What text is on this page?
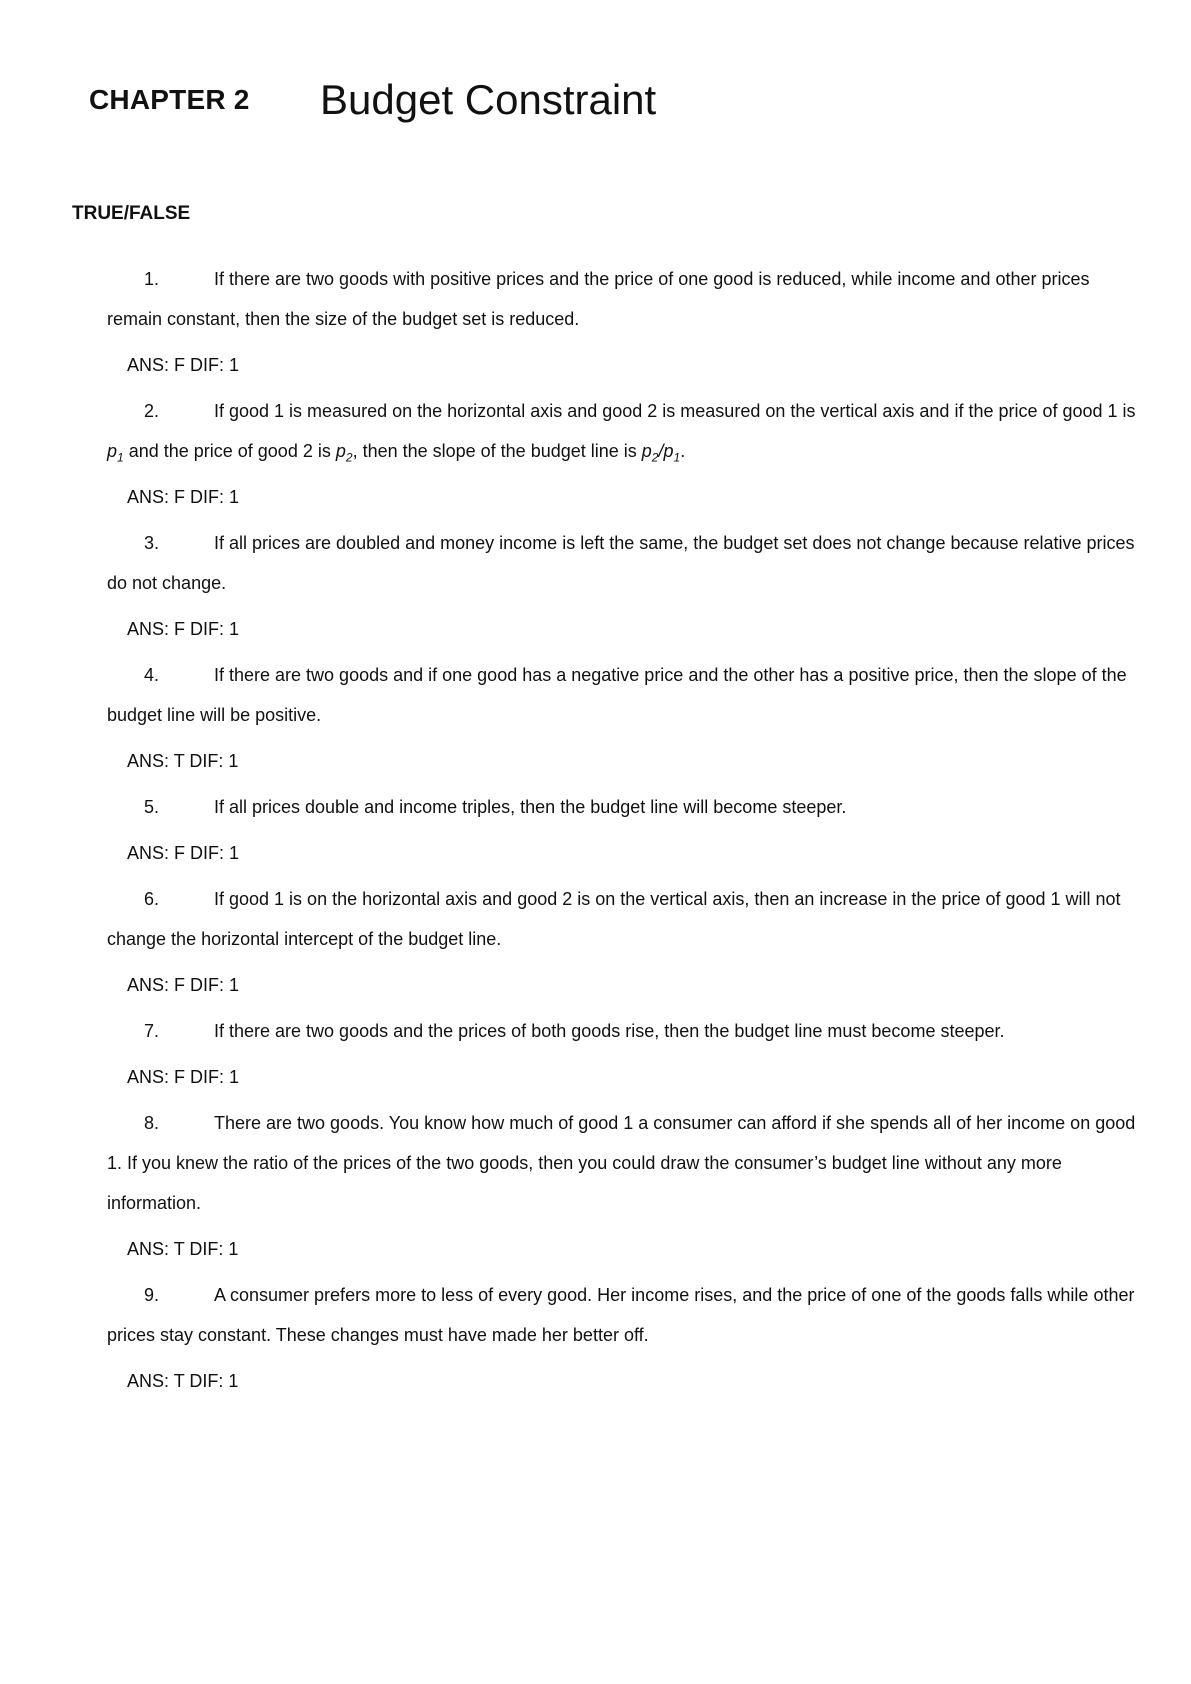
CHAPTER 2 Budget Constraint
TRUE/FALSE

1.	If there are two goods with positive prices and the price of one good is reduced, while income and other prices remain constant, then the size of the budget set is reduced.

ANS: F DIF: 1

2.	If good 1 is measured on the horizontal axis and good 2 is measured on the vertical axis and if the price of good 1 is $p_1$ and the price of good 2 is $p_2$, then the slope of the budget line is $p_2/p_1$.

ANS: F DIF: 1

3.	If all prices are doubled and money income is left the same, the budget set does not change because relative prices do not change.

ANS: F DIF: 1

4.	If there are two goods and if one good has a negative price and the other has a positive price, then the slope of the budget line will be positive.

ANS: T DIF: 1

5.	If all prices double and income triples, then the budget line will become steeper.

ANS: F DIF: 1

6.	If good 1 is on the horizontal axis and good 2 is on the vertical axis, then an increase in the price of good 1 will not change the horizontal intercept of the budget line.

ANS: F DIF: 1

7.	If there are two goods and the prices of both goods rise, then the budget line must become steeper.

ANS: F DIF: 1

8.	There are two goods. You know how much of good 1 a consumer can afford if she spends all of her income on good 1. If you knew the ratio of the prices of the two goods, then you could draw the consumer’s budget line without any more information.

ANS: T DIF: 1

9.	A consumer prefers more to less of every good. Her income rises, and the price of one of the goods falls while other prices stay constant. These changes must have made her better off.

ANS: T DIF: 1
